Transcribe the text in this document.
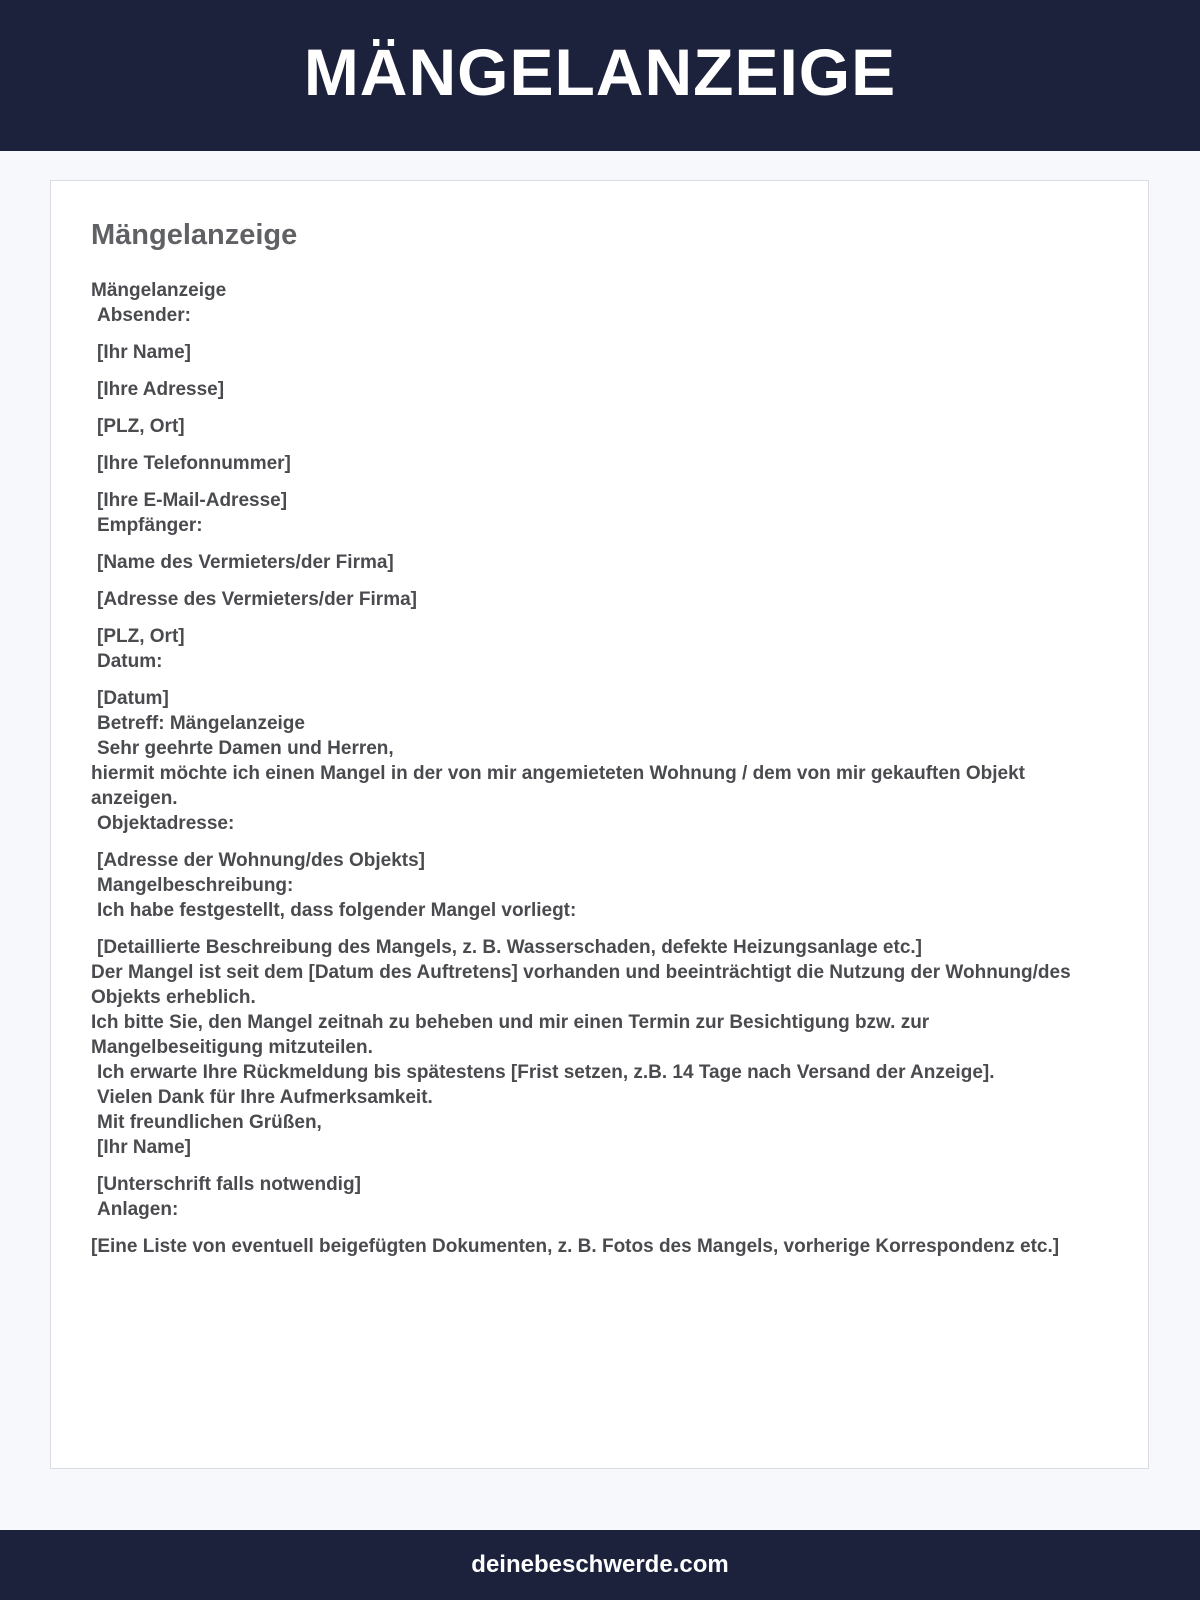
MÄNGELANZEIGE
Mängelanzeige
Mängelanzeige
Absender:
[Ihr Name]
[Ihre Adresse]
[PLZ, Ort]
[Ihre Telefonnummer]
[Ihre E-Mail-Adresse]
Empfänger:
[Name des Vermieters/der Firma]
[Adresse des Vermieters/der Firma]
[PLZ, Ort]
Datum:
[Datum]
Betreff: Mängelanzeige
Sehr geehrte Damen und Herren,
hiermit möchte ich einen Mangel in der von mir angemieteten Wohnung / dem von mir gekauften Objekt anzeigen.
Objektadresse:
[Adresse der Wohnung/des Objekts]
Mangelbeschreibung:
Ich habe festgestellt, dass folgender Mangel vorliegt:
[Detaillierte Beschreibung des Mangels, z. B. Wasserschaden, defekte Heizungsanlage etc.]
Der Mangel ist seit dem [Datum des Auftretens] vorhanden und beeinträchtigt die Nutzung der Wohnung/des Objekts erheblich.
Ich bitte Sie, den Mangel zeitnah zu beheben und mir einen Termin zur Besichtigung bzw. zur Mangelbeseitigung mitzuteilen.
Ich erwarte Ihre Rückmeldung bis spätestens [Frist setzen, z.B. 14 Tage nach Versand der Anzeige].
Vielen Dank für Ihre Aufmerksamkeit.
Mit freundlichen Grüßen,
[Ihr Name]
[Unterschrift falls notwendig]
Anlagen:
[Eine Liste von eventuell beigefügten Dokumenten, z. B. Fotos des Mangels, vorherige Korrespondenz etc.]
deinebeschwerde.com
